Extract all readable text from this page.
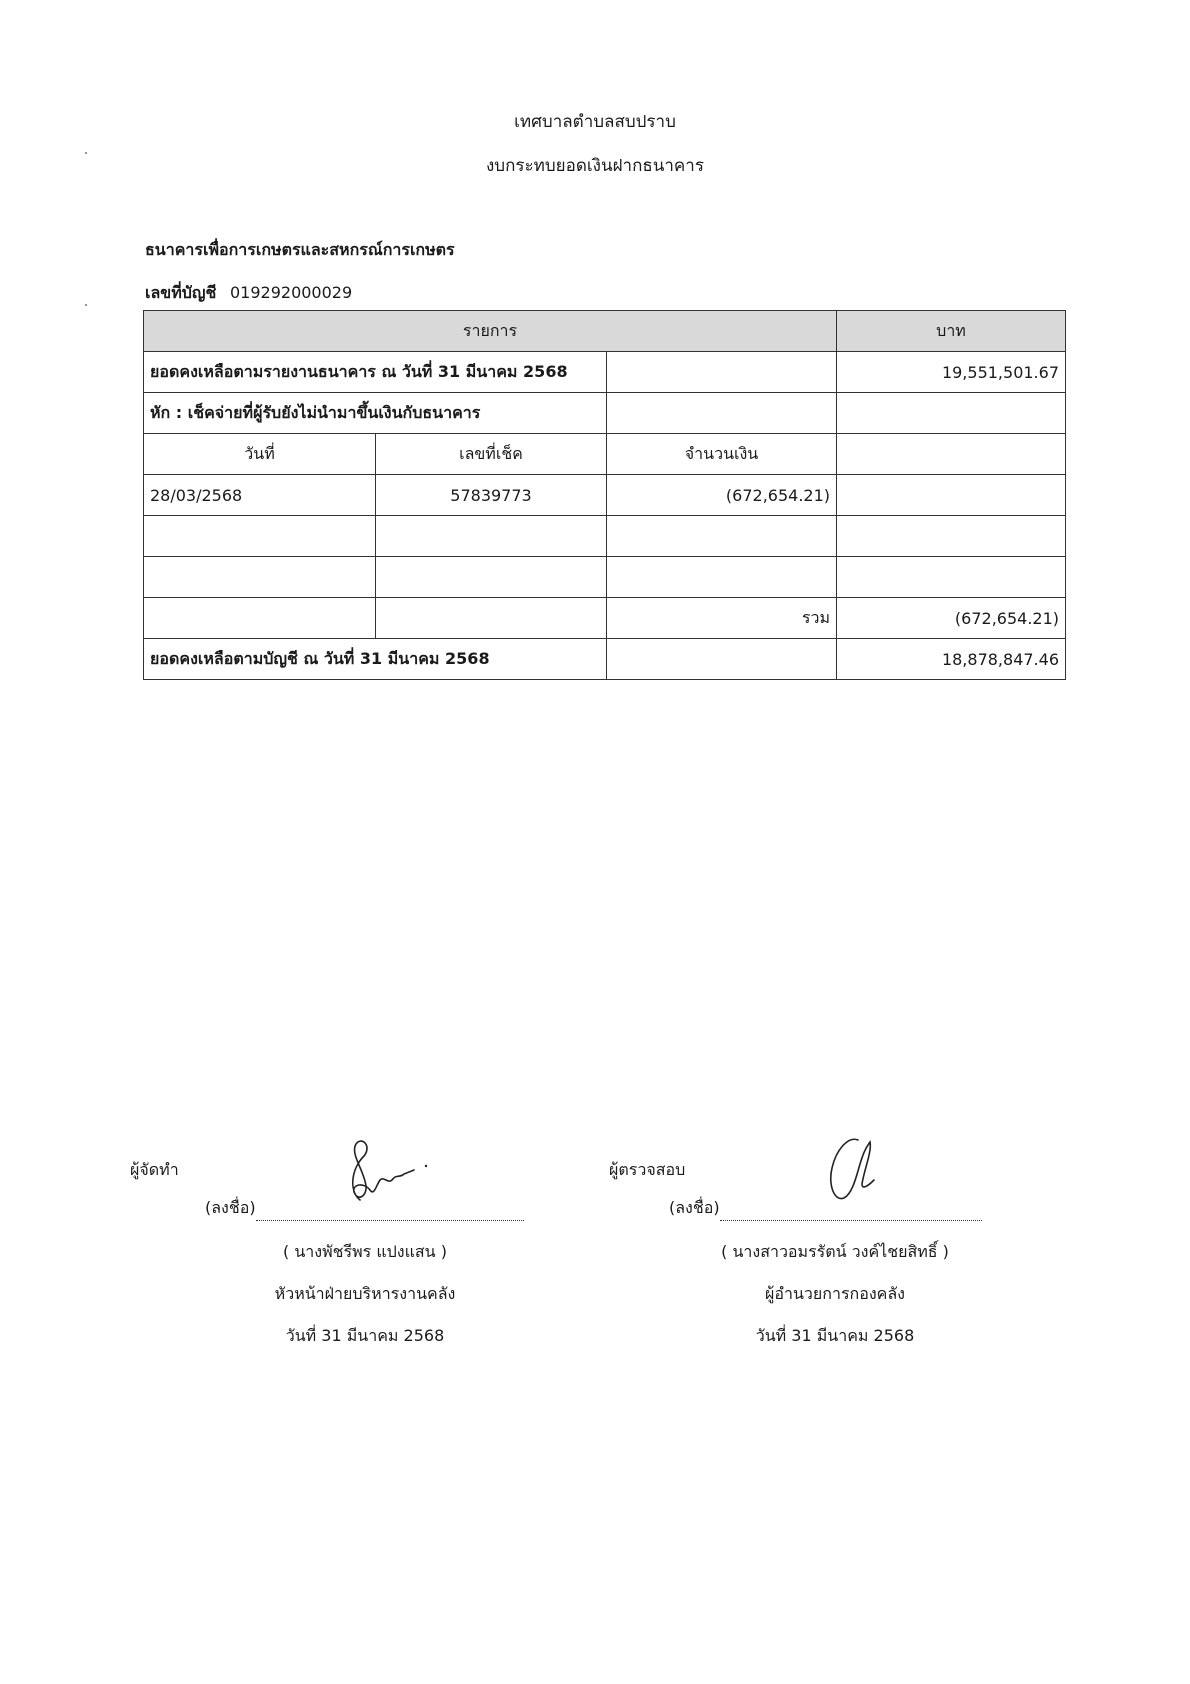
เทศบาลตำบลสบปราบ
งบกระทบยอดเงินฝากธนาคาร
ธนาคารเพื่อการเกษตรและสหกรณ์การเกษตร
เลขที่บัญชี 019292000029
รายการ			บาท
ยอดคงเหลือตามรายงานธนาคาร ณ วันที่ 31 มีนาคม 2568			19,551,501.67
หัก : เช็คจ่ายที่ผู้รับยังไม่นำมาขึ้นเงินกับธนาคาร			
วันที่	เลขที่เช็ค	จำนวนเงิน	
28/03/2568	57839773	(672,654.21)	

		รวม	(672,654.21)
ยอดคงเหลือตามบัญชี ณ วันที่ 31 มีนาคม 2568			18,878,847.46
ผู้จัดทำ
(ลงชื่อ)
( นางพัชรีพร แปงแสน )
หัวหน้าฝ่ายบริหารงานคลัง
วันที่ 31 มีนาคม 2568
ผู้ตรวจสอบ
(ลงชื่อ)
( นางสาวอมรรัตน์ วงค์ไชยสิทธิ์ )
ผู้อำนวยการกองคลัง
วันที่ 31 มีนาคม 2568
